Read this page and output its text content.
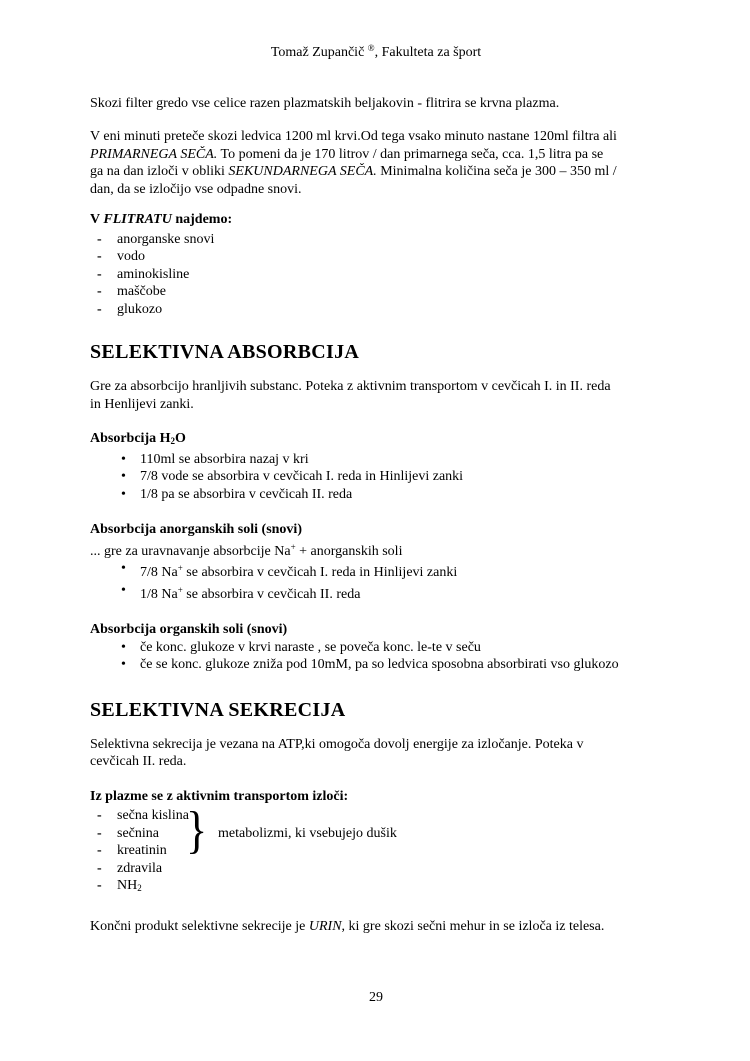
Tomaž Zupančič ®, Fakulteta za šport
Skozi filter gredo vse celice razen plazmatskih beljakovin - flitrira se krvna plazma.
V eni minuti preteče skozi ledvica 1200 ml krvi.Od tega vsako minuto nastane 120ml filtra ali
PRIMARNEGA SEČA. To pomeni da je 170 litrov / dan primarnega seča, cca. 1,5 litra pa se
ga na dan izloči v obliki SEKUNDARNEGA SEČA. Minimalna količina seča je 300 – 350 ml /
dan, da se izločijo vse odpadne snovi.
V FLITRATU najdemo:
- anorganske snovi
- vodo
- aminokisline
- maščobe
- glukozo
SELEKTIVNA ABSORBCIJA
Gre za absorbcijo hranljivih substanc. Poteka z aktivnim transportom v cevčicah I. in II. reda
in Henlijevi zanki.
Absorbcija H2O
• 110ml se absorbira nazaj v kri
• 7/8 vode se absorbira v cevčicah I. reda in Hinlijevi zanki
• 1/8 pa se absorbira v cevčicah II. reda
Absorbcija anorganskih soli (snovi)
... gre za uravnavanje absorbcije Na+ + anorganskih soli
• 7/8 Na+ se absorbira v cevčicah I. reda in Hinlijevi zanki
• 1/8 Na+ se absorbira v cevčicah II. reda
Absorbcija organskih soli (snovi)
• če konc. glukoze v krvi naraste , se poveča konc. le-te v seču
• če se konc. glukoze zniža pod 10mM, pa so ledvica sposobna absorbirati vso glukozo
SELEKTIVNA SEKRECIJA
Selektivna sekrecija je vezana na ATP,ki omogoča dovolj energije za izločanje. Poteka v
cevčicah II. reda.
Iz plazme se z aktivnim transportom izloči:
- sečna kislina
- sečnina
- kreatinin
- zdravila
- NH2
} metabolizmi, ki vsebujejo dušik
Končni produkt selektivne sekrecije je URIN, ki gre skozi sečni mehur in se izloča iz telesa.
29
